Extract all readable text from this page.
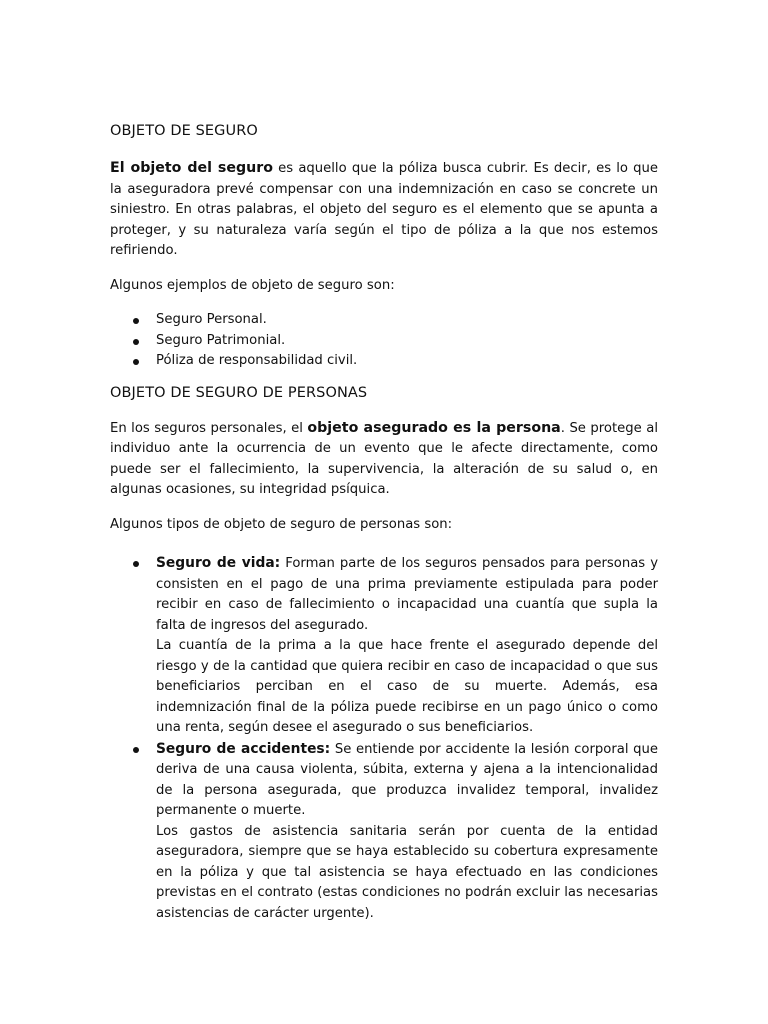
OBJETO DE SEGURO

El objeto del seguro es aquello que la póliza busca cubrir. Es decir, es lo que la aseguradora prevé compensar con una indemnización en caso se concrete un siniestro. En otras palabras, el objeto del seguro es el elemento que se apunta a proteger, y su naturaleza varía según el tipo de póliza a la que nos estemos refiriendo.

Algunos ejemplos de objeto de seguro son:

Seguro Personal.
Seguro Patrimonial.
Póliza de responsabilidad civil.
OBJETO DE SEGURO DE PERSONAS

En los seguros personales, el objeto asegurado es la persona. Se protege al individuo ante la ocurrencia de un evento que le afecte directamente, como puede ser el fallecimiento, la supervivencia, la alteración de su salud o, en algunas ocasiones, su integridad psíquica.

Algunos tipos de objeto de seguro de personas son:

Seguro de vida: Forman parte de los seguros pensados para personas y consisten en el pago de una prima previamente estipulada para poder recibir en caso de fallecimiento o incapacidad una cuantía que supla la falta de ingresos del asegurado.
La cuantía de la prima a la que hace frente el asegurado depende del riesgo y de la cantidad que quiera recibir en caso de incapacidad o que sus beneficiarios perciban en el caso de su muerte. Además, esa indemnización final de la póliza puede recibirse en un pago único o como una renta, según desee el asegurado o sus beneficiarios.
Seguro de accidentes: Se entiende por accidente la lesión corporal que deriva de una causa violenta, súbita, externa y ajena a la intencionalidad de la persona asegurada, que produzca invalidez temporal, invalidez permanente o muerte.
Los gastos de asistencia sanitaria serán por cuenta de la entidad aseguradora, siempre que se haya establecido su cobertura expresamente en la póliza y que tal asistencia se haya efectuado en las condiciones previstas en el contrato (estas condiciones no podrán excluir las necesarias asistencias de carácter urgente).
